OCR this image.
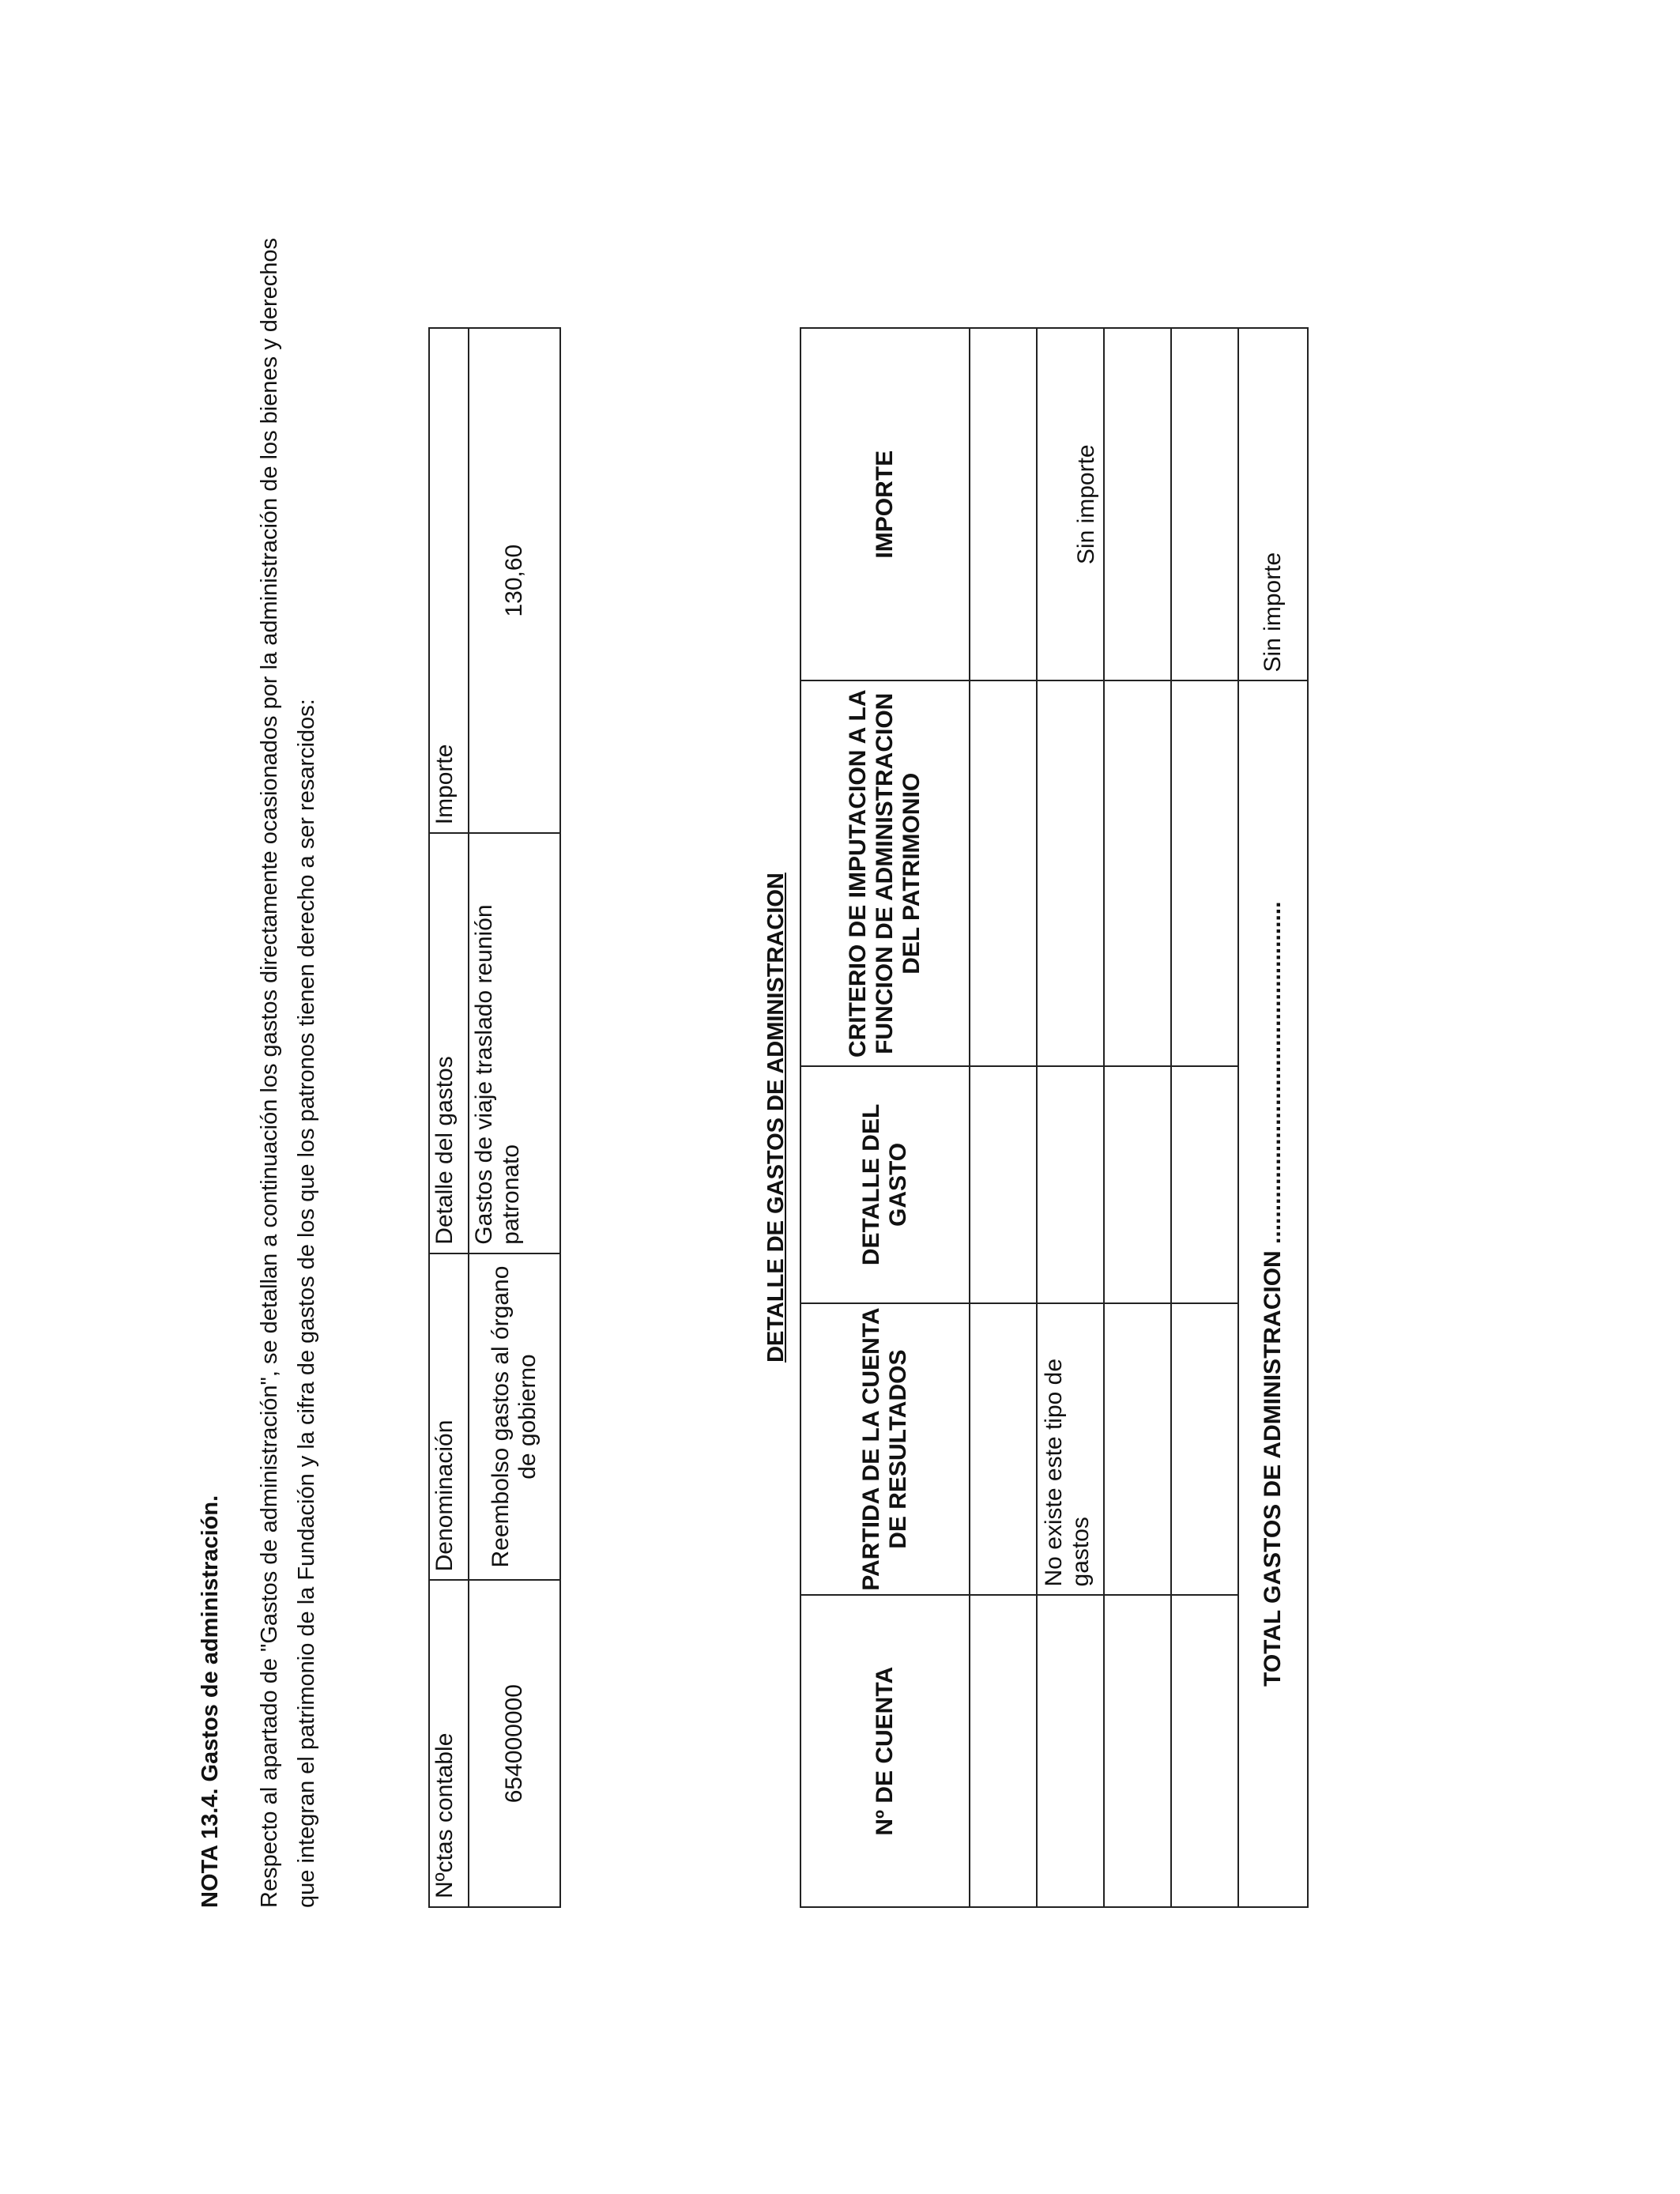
NOTA 13.4. Gastos de administración. Respecto al apartado de "Gastos de administración", se detallan a continuación los gastos directamente ocasionados por la administración de los bienes y derechos que integran el patrimonio de la Fundación y la cifra de gastos de los que los patronos tienen derecho a ser resarcidos:	Nºctas contable	Denominación	Detalle del gastos	Importe
654000000	Reembolso gastos al órgano de gobierno	Gastos de viaje traslado reunión patronato	130,60

DETALLE DE GASTOS DE ADMINISTRACION

Nº DE CUENTA	PARTIDA DE LA CUENTA DE RESULTADOS	DETALLE DEL GASTO	CRITERIO DE IMPUTACION A LA FUNCION DE ADMINISTRACION DEL PATRIMONIO	IMPORTE

	No existe este tipo de gastos			Sin importe

TOTAL GASTOS DE ADMINISTRACION ....................................................				Sin importe
